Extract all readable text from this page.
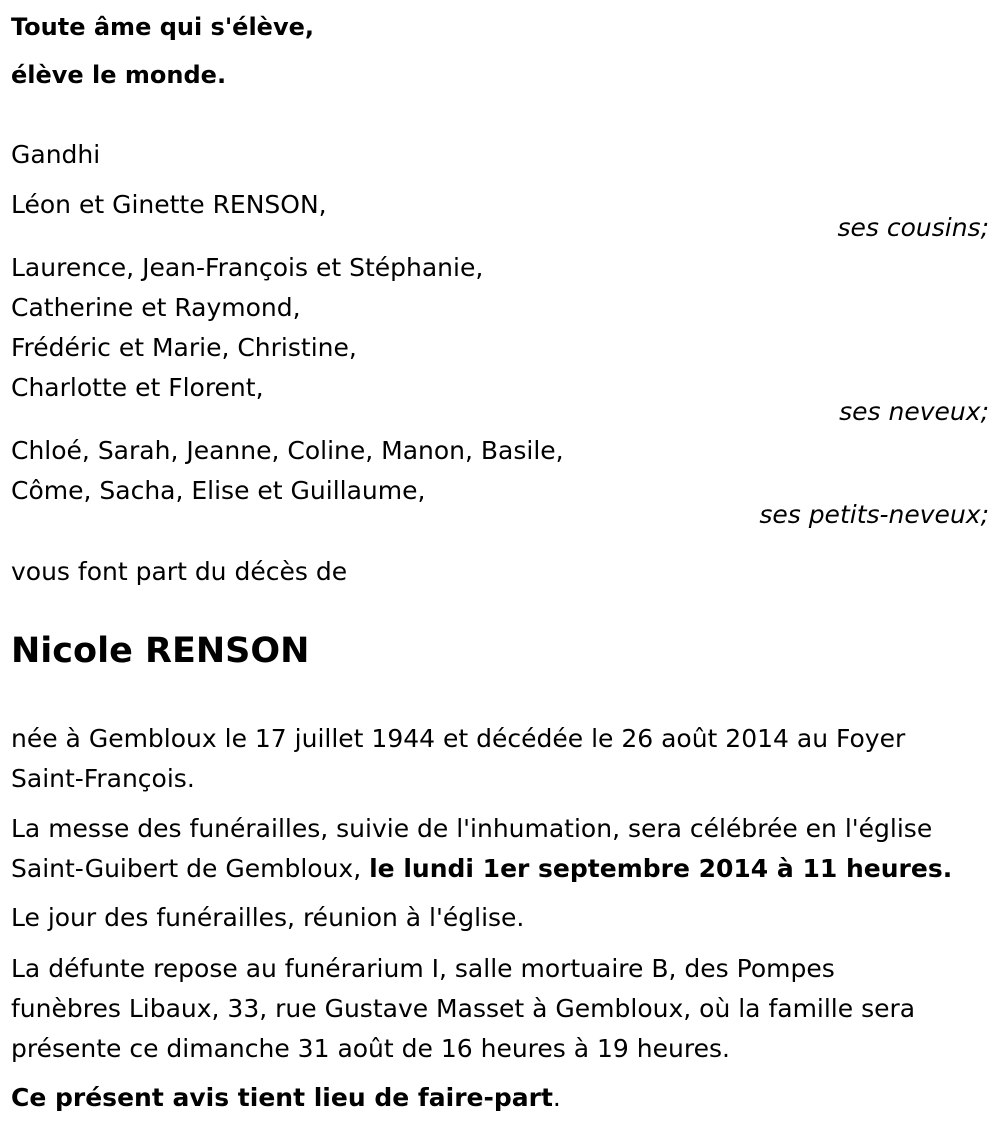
Toute âme qui s'élève,
élève le monde.
Gandhi
Léon et Ginette RENSON,
ses cousins;
Laurence, Jean-François et Stéphanie,
Catherine et Raymond,
Frédéric et Marie, Christine,
Charlotte et Florent,
ses neveux;
Chloé, Sarah, Jeanne, Coline, Manon, Basile,
Côme, Sacha, Elise et Guillaume,
ses petits-neveux;
vous font part du décès de
Nicole RENSON
née à Gembloux le 17 juillet 1944 et décédée le 26 août 2014 au Foyer
Saint-François.
La messe des funérailles, suivie de l'inhumation, sera célébrée en l'église
Saint-Guibert de Gembloux, le lundi 1er septembre 2014 à 11 heures.
Le jour des funérailles, réunion à l'église.
La défunte repose au funérarium I, salle mortuaire B, des Pompes
funèbres Libaux, 33, rue Gustave Masset à Gembloux, où la famille sera
présente ce dimanche 31 août de 16 heures à 19 heures.
Ce présent avis tient lieu de faire-part.
